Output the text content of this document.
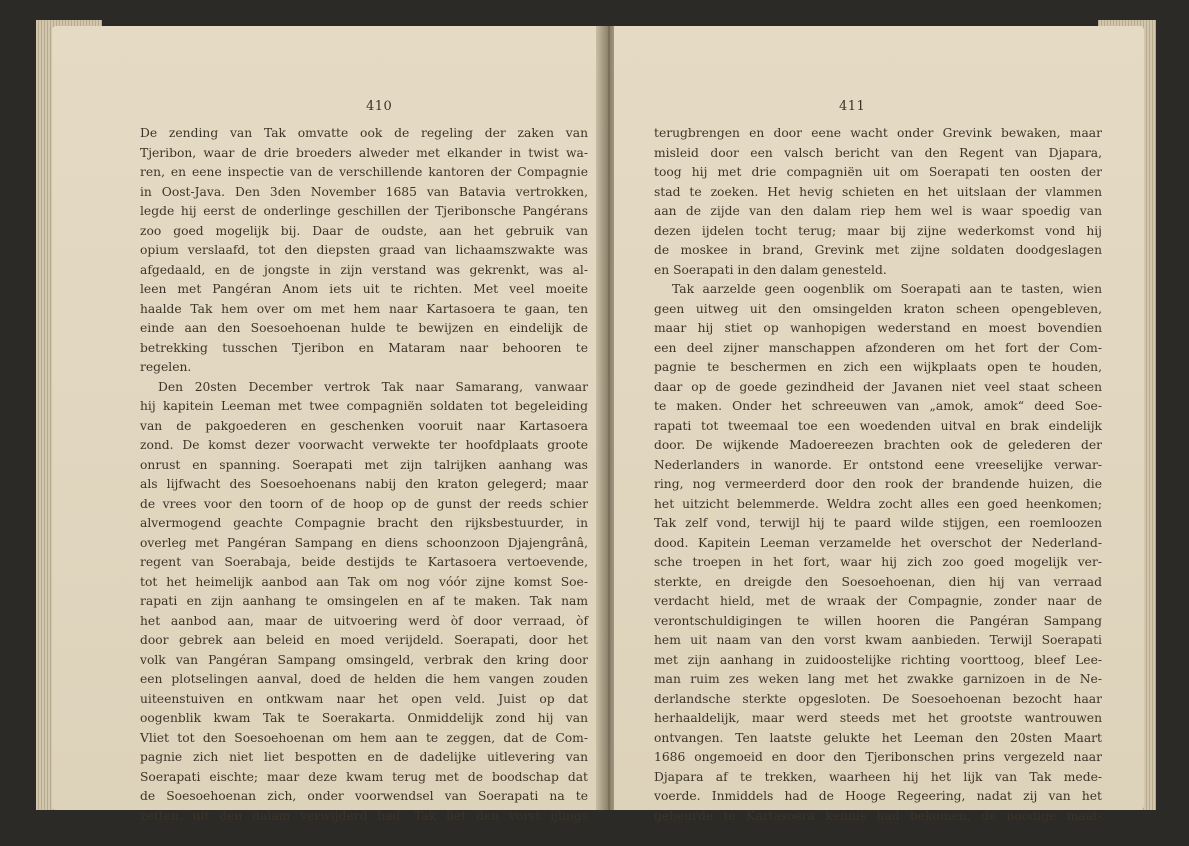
410
De zending van Tak omvatte ook de regeling der zaken van
Tjeribon, waar de drie broeders alweder met elkander in twist wa-
ren, en eene inspectie van de verschillende kantoren der Compagnie
in Oost-Java. Den 3den November 1685 van Batavia vertrokken,
legde hij eerst de onderlinge geschillen der Tjeribonsche Pangérans
zoo goed mogelijk bij. Daar de oudste, aan het gebruik van
opium verslaafd, tot den diepsten graad van lichaamszwakte was
afgedaald, en de jongste in zijn verstand was gekrenkt, was al-
leen met Pangéran Anom iets uit te richten. Met veel moeite
haalde Tak hem over om met hem naar Kartasoera te gaan, ten
einde aan den Soesoehoenan hulde te bewijzen en eindelijk de
betrekking tusschen Tjeribon en Mataram naar behooren te
regelen.
Den 20sten December vertrok Tak naar Samarang, vanwaar
hij kapitein Leeman met twee compagniën soldaten tot begeleiding
van de pakgoederen en geschenken vooruit naar Kartasoera
zond. De komst dezer voorwacht verwekte ter hoofdplaats groote
onrust en spanning. Soerapati met zijn talrijken aanhang was
als lijfwacht des Soesoehoenans nabij den kraton gelegerd; maar
de vrees voor den toorn of de hoop op de gunst der reeds schier
alvermogend geachte Compagnie bracht den rijksbestuurder, in
overleg met Pangéran Sampang en diens schoonzoon Djajengrânâ,
regent van Soerabaja, beide destijds te Kartasoera vertoevende,
tot het heimelijk aanbod aan Tak om nog vóór zijne komst Soe-
rapati en zijn aanhang te omsingelen en af te maken. Tak nam
het aanbod aan, maar de uitvoering werd òf door verraad, òf
door gebrek aan beleid en moed verijdeld. Soerapati, door het
volk van Pangéran Sampang omsingeld, verbrak den kring door
een plotselingen aanval, doed de helden die hem vangen zouden
uiteenstuiven en ontkwam naar het open veld. Juist op dat
oogenblik kwam Tak te Soerakarta. Onmiddelijk zond hij van
Vliet tot den Soesoehoenan om hem aan te zeggen, dat de Com-
pagnie zich niet liet bespotten en de dadelijke uitlevering van
Soerapati eischte; maar deze kwam terug met de boodschap dat
de Soesoehoenan zich, onder voorwendsel van Soerapati na te
zetten, uit den dalam verwijderd had. Tak liet den vorst ijlings
411
terugbrengen en door eene wacht onder Grevink bewaken, maar
misleid door een valsch bericht van den Regent van Djapara,
toog hij met drie compagniën uit om Soerapati ten oosten der
stad te zoeken. Het hevig schieten en het uitslaan der vlammen
aan de zijde van den dalam riep hem wel is waar spoedig van
dezen ijdelen tocht terug; maar bij zijne wederkomst vond hij
de moskee in brand, Grevink met zijne soldaten doodgeslagen
en Soerapati in den dalam genesteld.
Tak aarzelde geen oogenblik om Soerapati aan te tasten, wien
geen uitweg uit den omsingelden kraton scheen opengebleven,
maar hij stiet op wanhopigen wederstand en moest bovendien
een deel zijner manschappen afzonderen om het fort der Com-
pagnie te beschermen en zich een wijkplaats open te houden,
daar op de goede gezindheid der Javanen niet veel staat scheen
te maken. Onder het schreeuwen van „amok, amok“ deed Soe-
rapati tot tweemaal toe een woedenden uitval en brak eindelijk
door. De wijkende Madoereezen brachten ook de gelederen der
Nederlanders in wanorde. Er ontstond eene vreeselijke verwar-
ring, nog vermeerderd door den rook der brandende huizen, die
het uitzicht belemmerde. Weldra zocht alles een goed heenkomen;
Tak zelf vond, terwijl hij te paard wilde stijgen, een roemloozen
dood. Kapitein Leeman verzamelde het overschot der Nederland-
sche troepen in het fort, waar hij zich zoo goed mogelijk ver-
sterkte, en dreigde den Soesoehoenan, dien hij van verraad
verdacht hield, met de wraak der Compagnie, zonder naar de
verontschuldigingen te willen hooren die Pangéran Sampang
hem uit naam van den vorst kwam aanbieden. Terwijl Soerapati
met zijn aanhang in zuidoostelijke richting voorttoog, bleef Lee-
man ruim zes weken lang met het zwakke garnizoen in de Ne-
derlandsche sterkte opgesloten. De Soesoehoenan bezocht haar
herhaaldelijk, maar werd steeds met het grootste wantrouwen
ontvangen. Ten laatste gelukte het Leeman den 20sten Maart
1686 ongemoeid en door den Tjeribonschen prins vergezeld naar
Djapara af te trekken, waarheen hij het lijk van Tak mede-
voerde. Inmiddels had de Hooge Regeering, nadat zij van het
gebeurde te Kartasoera kennis had bekomen, de noodige maat-
